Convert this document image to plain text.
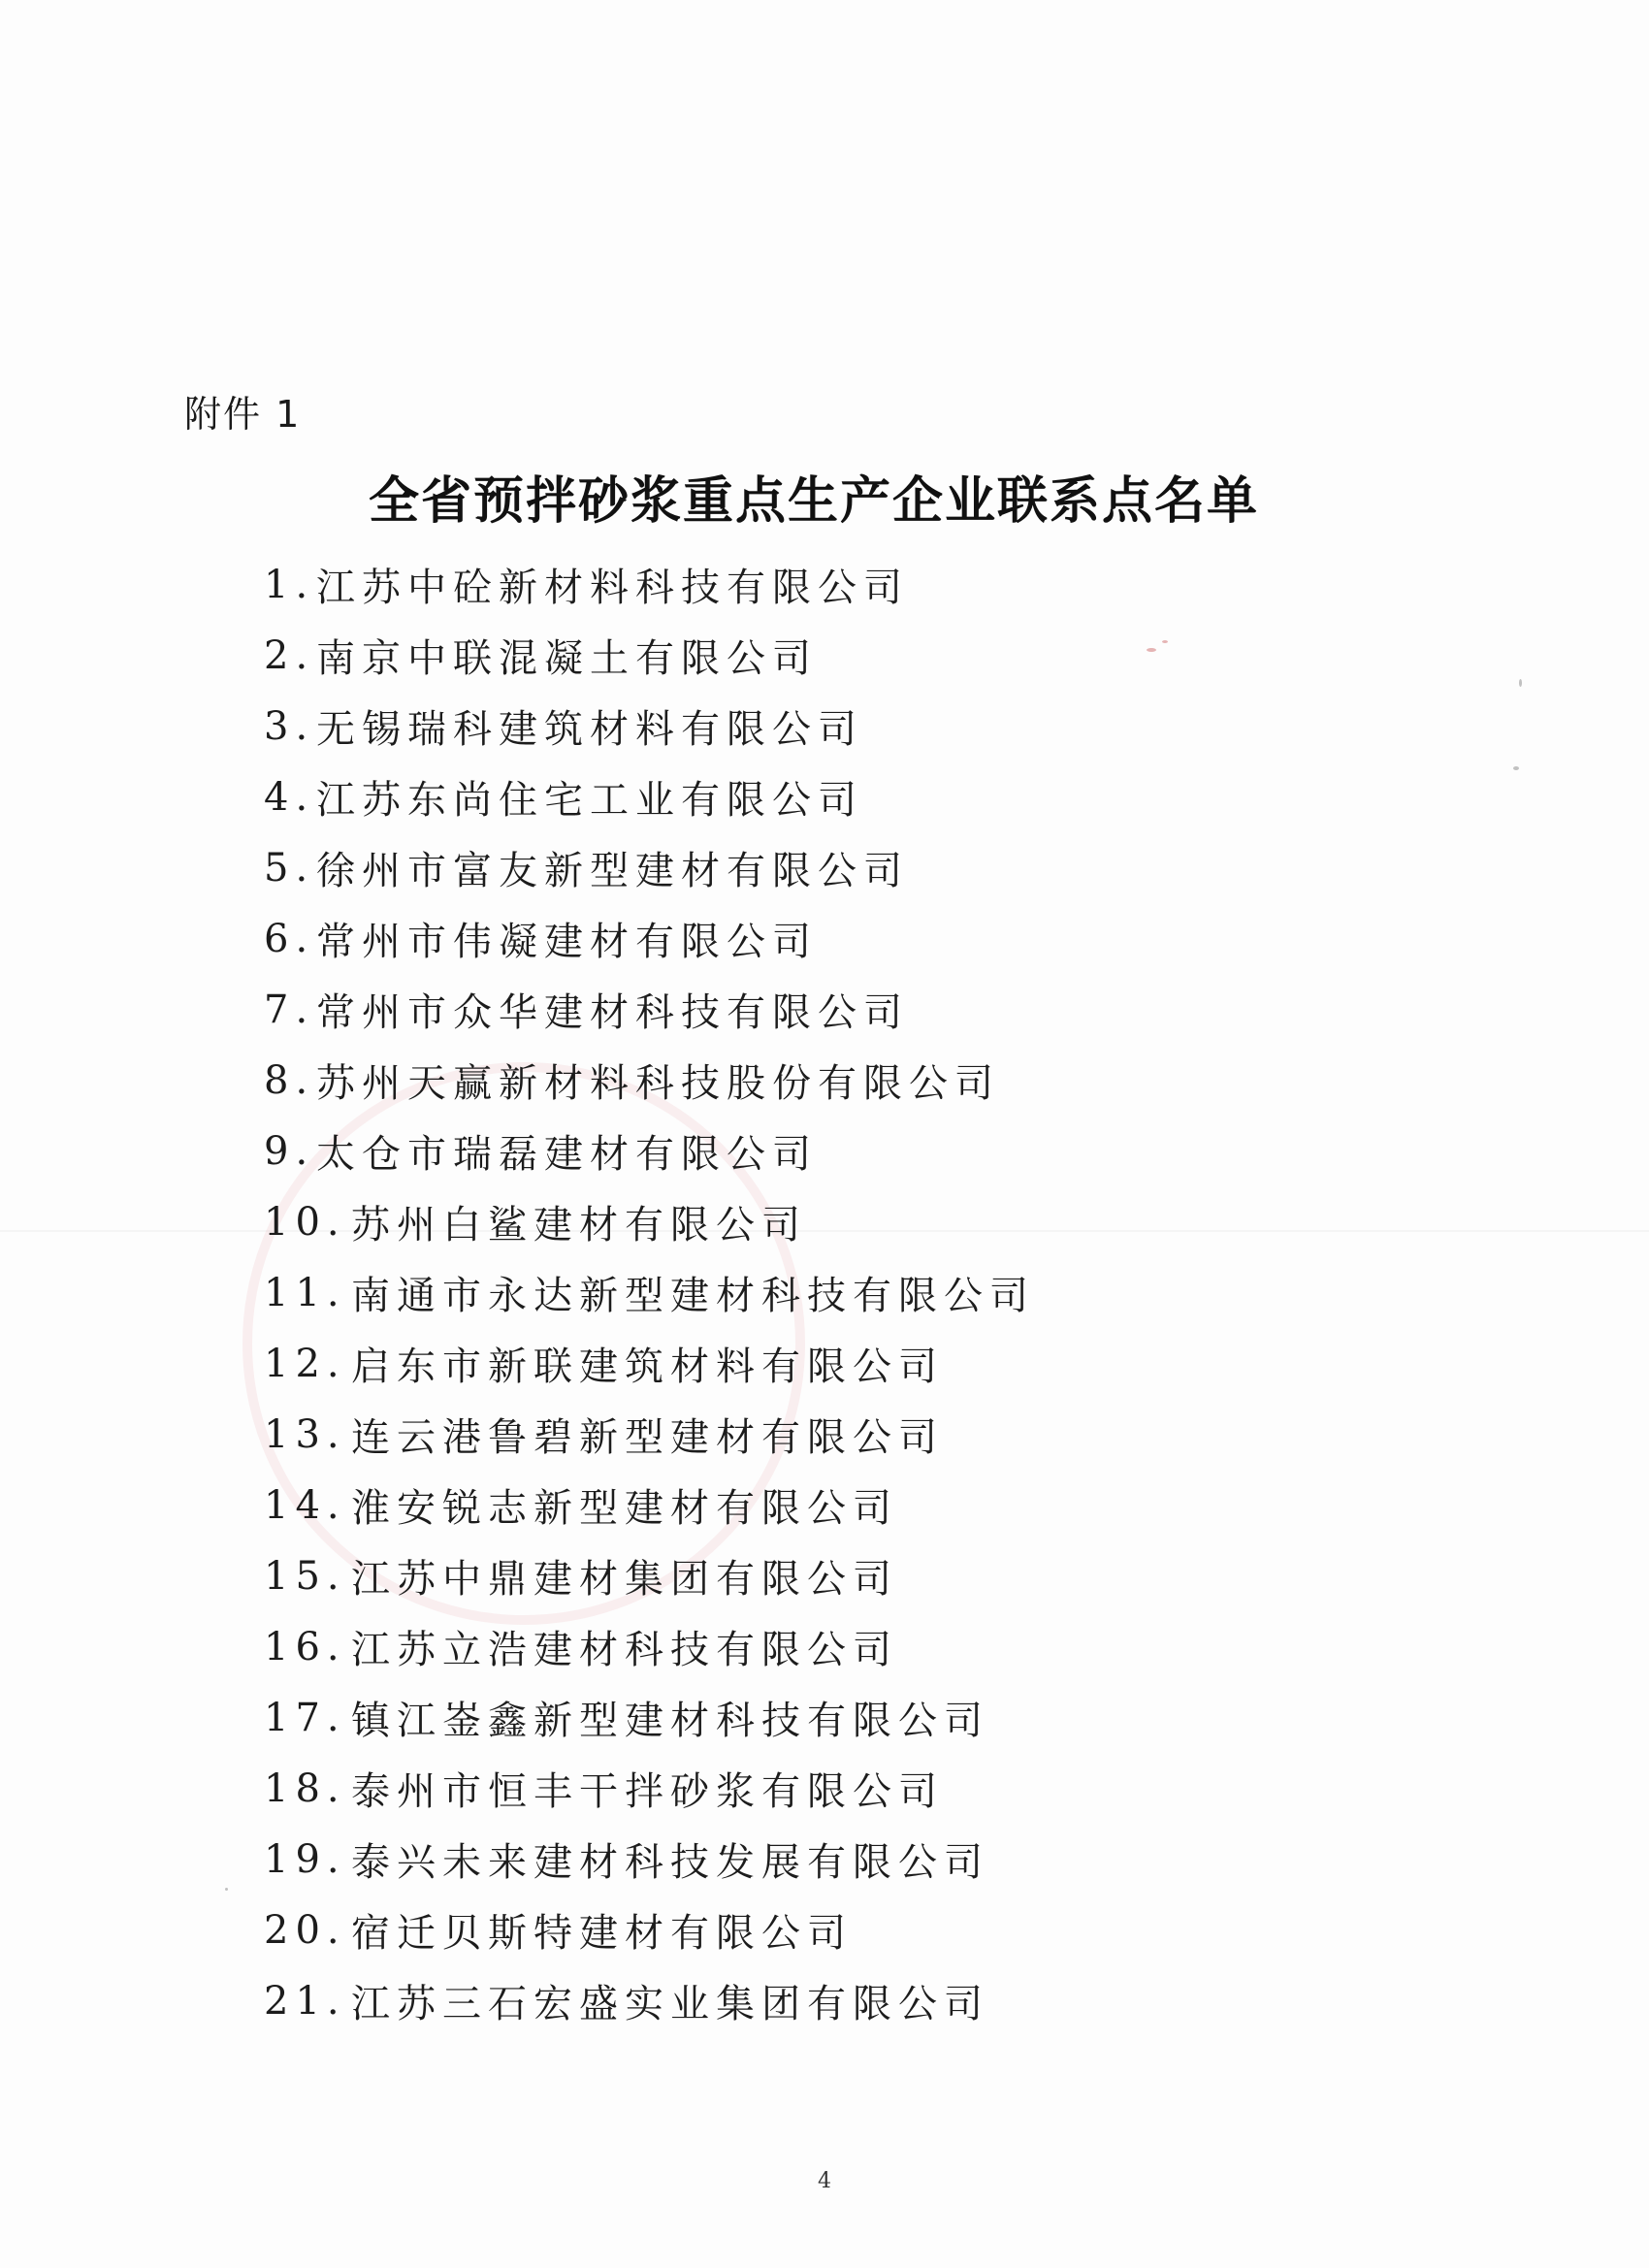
附件 1
全省预拌砂浆重点生产企业联系点名单
1. 江苏中砼新材料科技有限公司
2. 南京中联混凝土有限公司
3. 无锡瑞科建筑材料有限公司
4. 江苏东尚住宅工业有限公司
5. 徐州市富友新型建材有限公司
6. 常州市伟凝建材有限公司
7. 常州市众华建材科技有限公司
8. 苏州天赢新材料科技股份有限公司
9. 太仓市瑞磊建材有限公司
10. 苏州白鲨建材有限公司
11. 南通市永达新型建材科技有限公司
12. 启东市新联建筑材料有限公司
13. 连云港鲁碧新型建材有限公司
14. 淮安锐志新型建材有限公司
15. 江苏中鼎建材集团有限公司
16. 江苏立浩建材科技有限公司
17. 镇江崟鑫新型建材科技有限公司
18. 泰州市恒丰干拌砂浆有限公司
19. 泰兴未来建材科技发展有限公司
20. 宿迁贝斯特建材有限公司
21. 江苏三石宏盛实业集团有限公司
4
